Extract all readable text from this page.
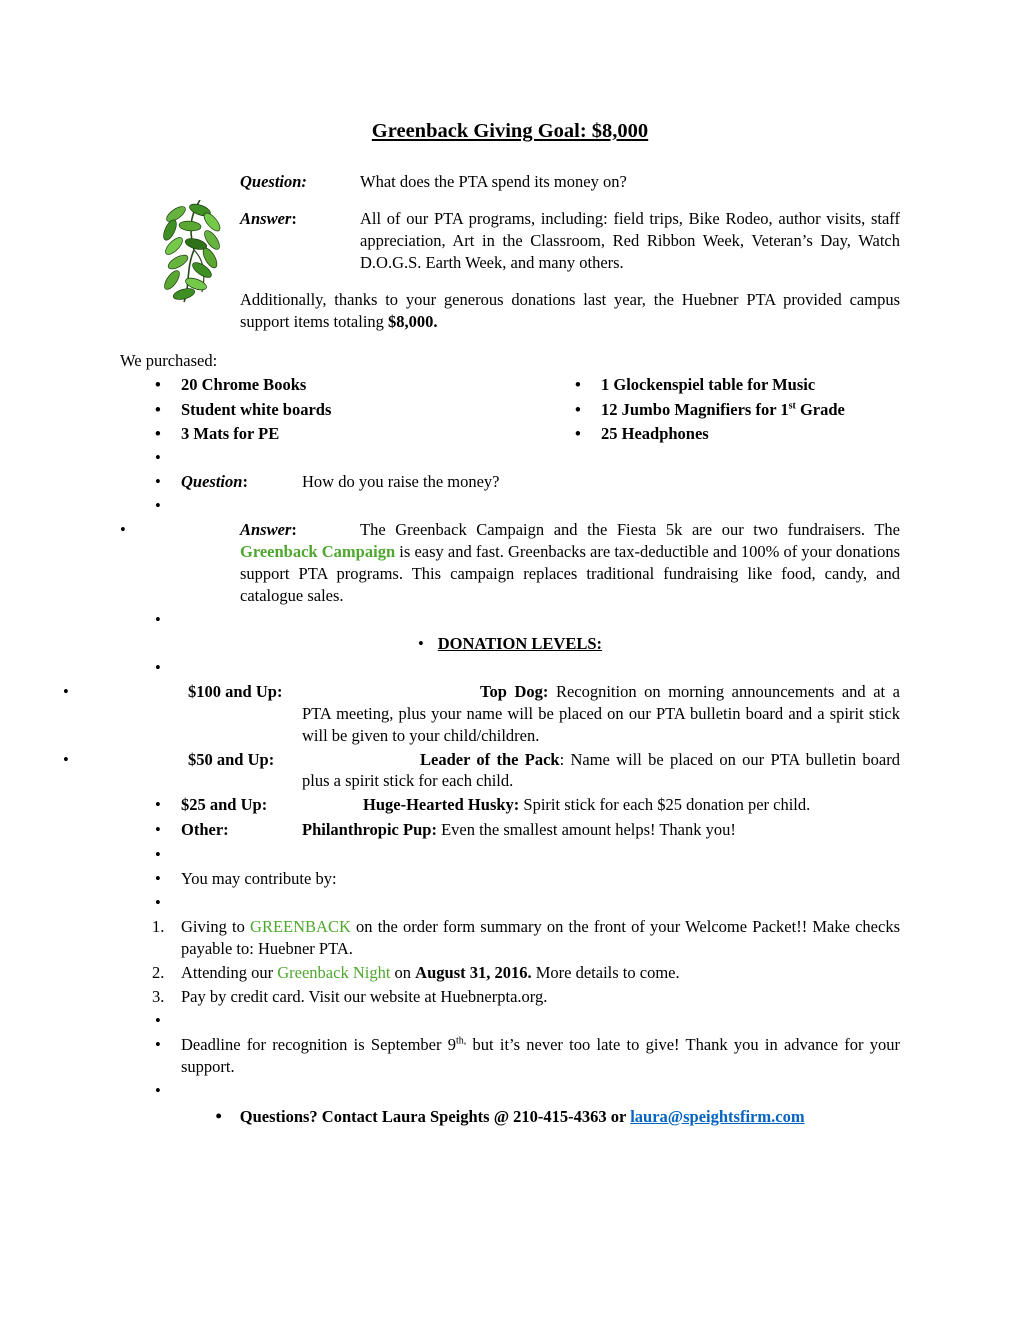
Greenback Giving Goal: $8,000

Question:	What does the PTA spend its money on?

Answer:	All of our PTA programs, including: field trips, Bike Rodeo, author visits, staff appreciation, Art in the Classroom, Red Ribbon Week, Veteran’s Day, Watch D.O.G.S. Earth Week, and many others.

Additionally, thanks to your generous donations last year, the Huebner PTA provided campus support items totaling $8,000.

We purchased:

• 20 Chrome Books	• 1 Glockenspiel table for Music
• Student white boards	• 12 Jumbo Magnifiers for 1st Grade
• 3 Mats for PE	• 25 Headphones
•

• Question:	How do you raise the money?

•

• Answer:	The Greenback Campaign and the Fiesta 5k are our two fundraisers. The Greenback Campaign is easy and fast. Greenbacks are tax-deductible and 100% of your donations support PTA programs. This campaign replaces traditional fundraising like food, candy, and catalogue sales.

•

• DONATION LEVELS:

•

• $100 and Up:	Top Dog: Recognition on morning announcements and at a PTA meeting, plus your name will be placed on our PTA bulletin board and a spirit stick will be given to your child/children.

• $50 and Up:	Leader of the Pack: Name will be placed on our PTA bulletin board plus a spirit stick for each child.

• $25 and Up:	Huge-Hearted Husky: Spirit stick for each $25 donation per child.

• Other:	Philanthropic Pup: Even the smallest amount helps! Thank you!

•

• You may contribute by:

•
1. Giving to GREENBACK on the order form summary on the front of your Welcome Packet!! Make checks payable to: Huebner PTA.
2. Attending our Greenback Night on August 31, 2016. More details to come.
3. Pay by credit card. Visit our website at Huebnerpta.org.
•

• Deadline for recognition is September $9^{th,}$ but it’s never too late to give! Thank you in advance for your support.

•

• Questions? Contact Laura Speights @ 210-415-4363 or laura@speightsfirm.com
